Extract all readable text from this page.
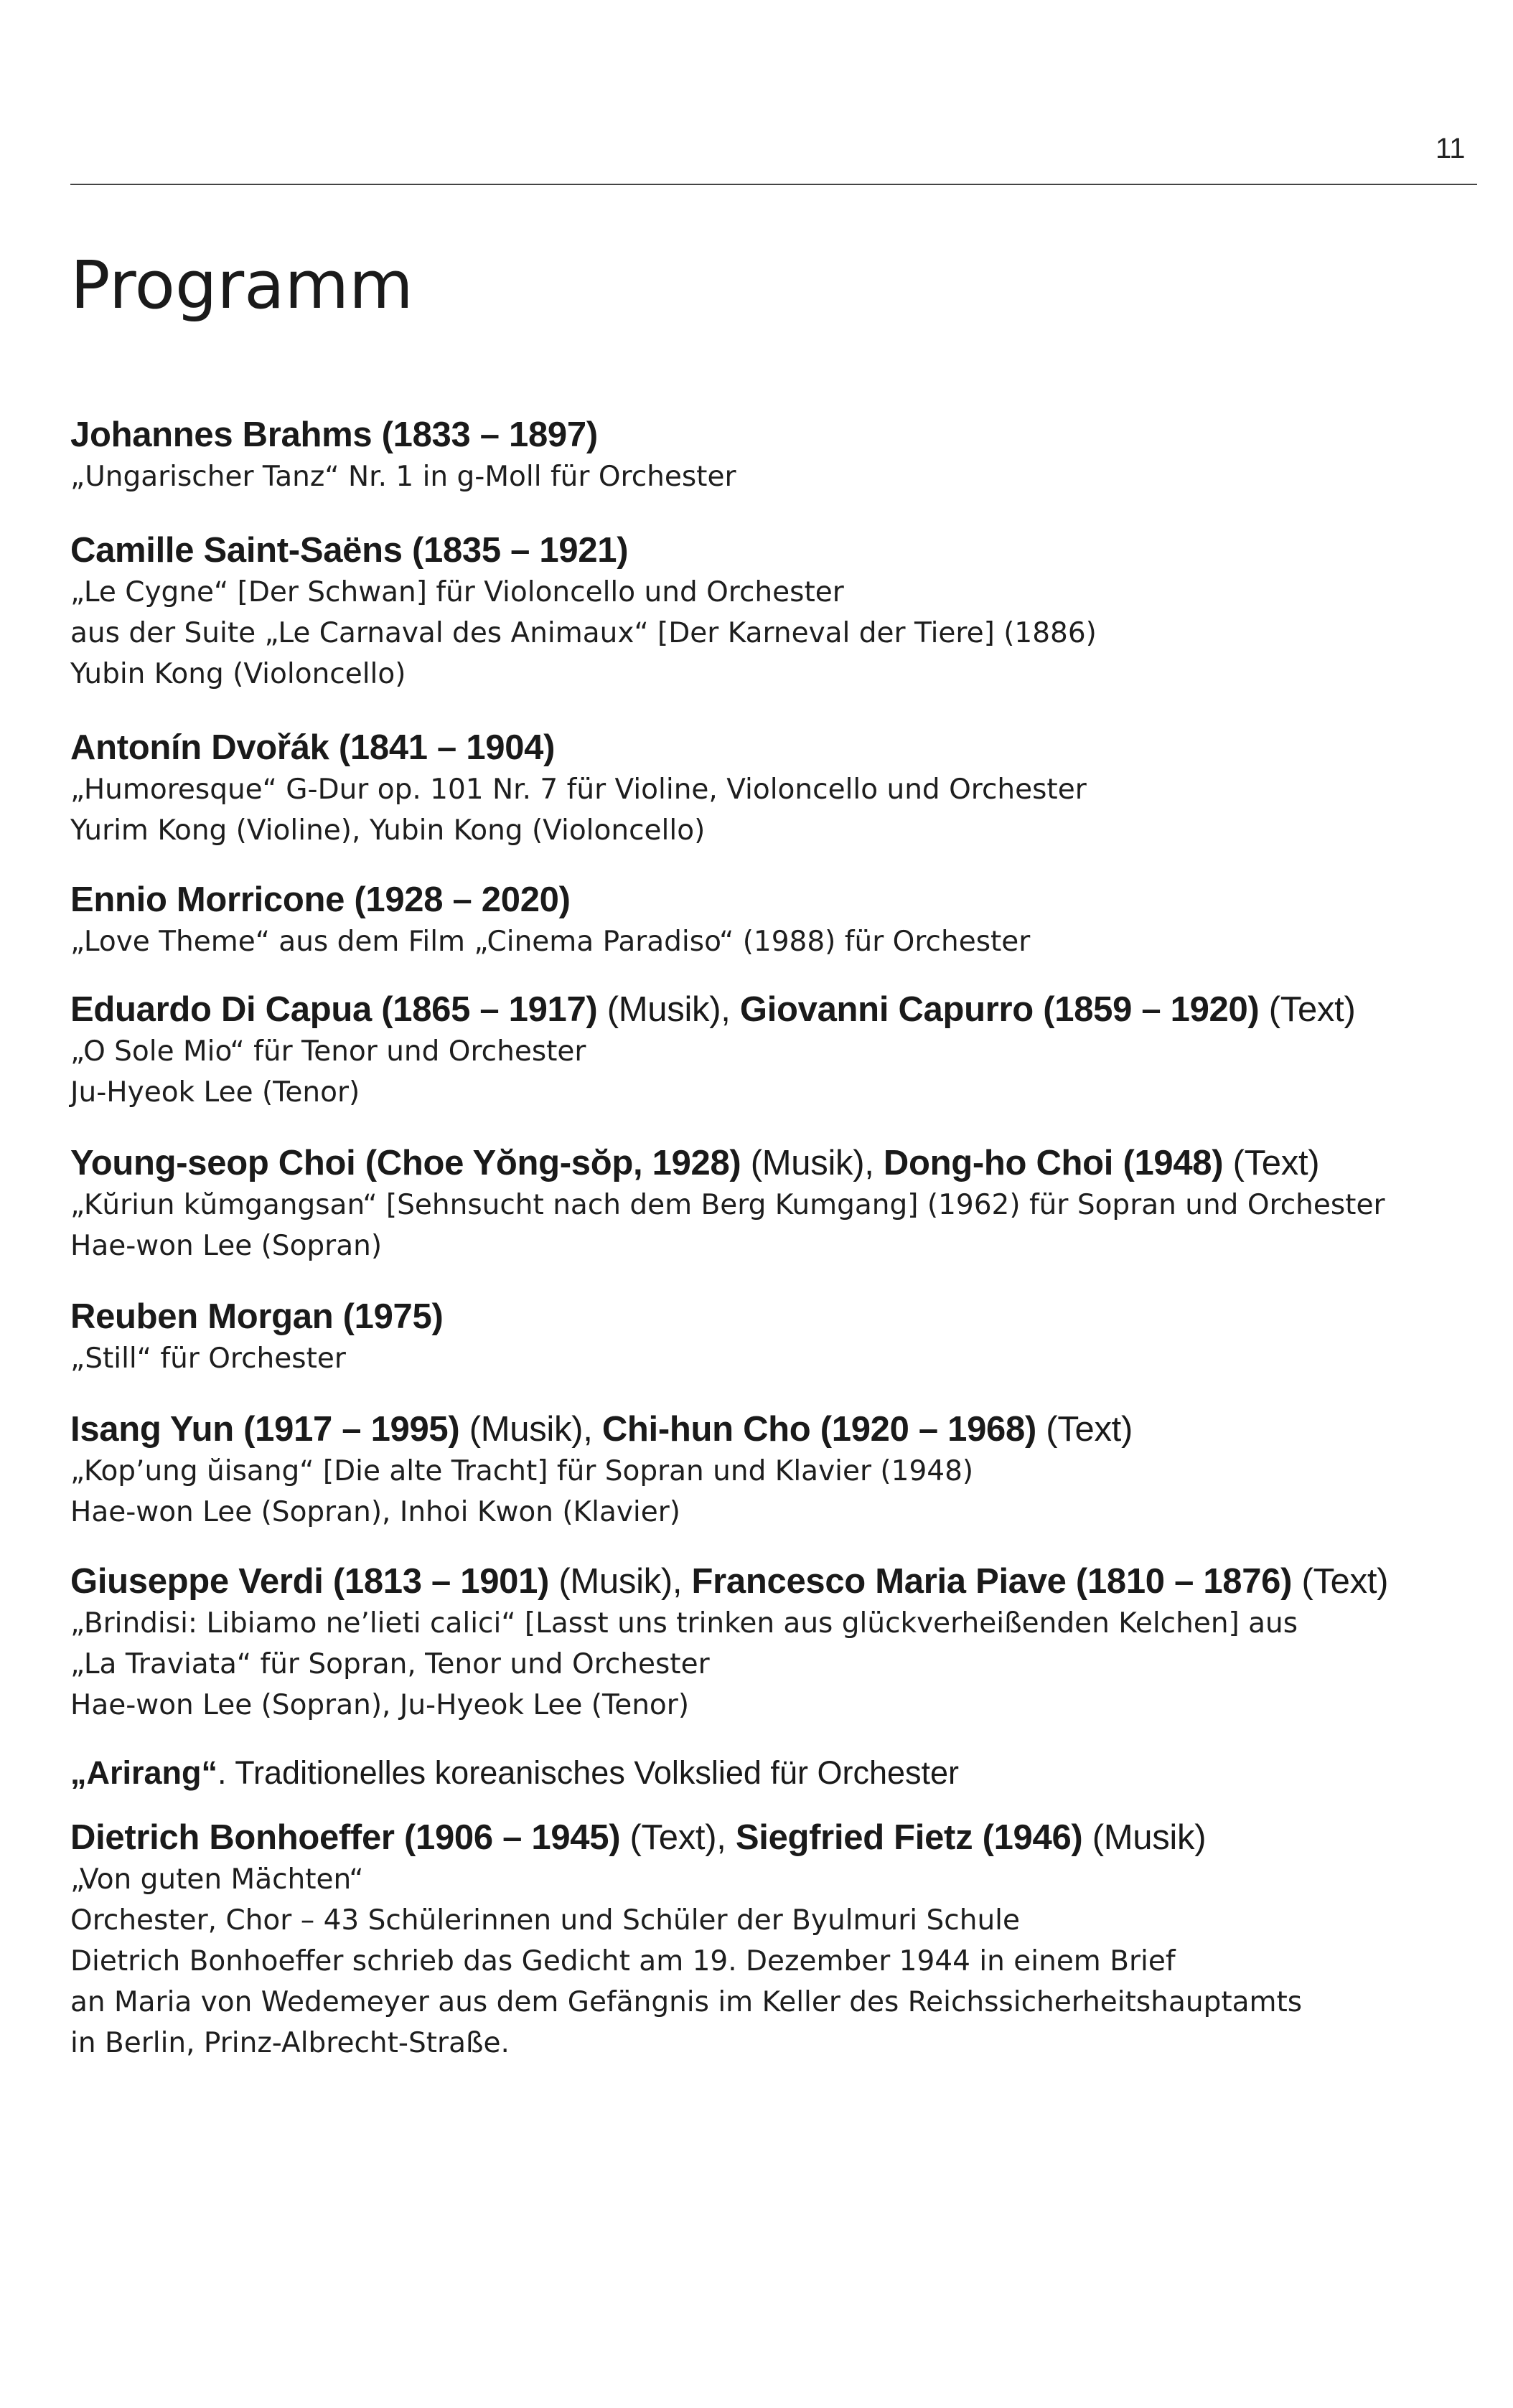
11
Programm
Johannes Brahms (1833 – 1897)
„Ungarischer Tanz“ Nr. 1 in g-Moll für Orchester
Camille Saint-Saëns (1835 – 1921)
„Le Cygne“ [Der Schwan] für Violoncello und Orchester
aus der Suite „Le Carnaval des Animaux“ [Der Karneval der Tiere] (1886)
Yubin Kong (Violoncello)
Antonín Dvořák (1841 – 1904)
„Humoresque“ G-Dur op. 101 Nr. 7 für Violine, Violoncello und Orchester
Yurim Kong (Violine), Yubin Kong (Violoncello)
Ennio Morricone (1928 – 2020)
„Love Theme“ aus dem Film „Cinema Paradiso“ (1988) für Orchester
Eduardo Di Capua (1865 – 1917) (Musik), Giovanni Capurro (1859 – 1920) (Text)
„O Sole Mio“ für Tenor und Orchester
Ju-Hyeok Lee (Tenor)
Young-seop Choi (Choe Yŏng-sŏp, 1928) (Musik), Dong-ho Choi (1948) (Text)
„Kŭriun kŭmgangsan“ [Sehnsucht nach dem Berg Kumgang] (1962) für Sopran und Orchester
Hae-won Lee (Sopran)
Reuben Morgan (1975)
„Still“ für Orchester
Isang Yun (1917 – 1995) (Musik), Chi-hun Cho (1920 – 1968) (Text)
„Kop’ung ŭisang“ [Die alte Tracht] für Sopran und Klavier (1948)
Hae-won Lee (Sopran), Inhoi Kwon (Klavier)
Giuseppe Verdi (1813 – 1901) (Musik), Francesco Maria Piave (1810 – 1876) (Text)
„Brindisi: Libiamo ne’lieti calici“ [Lasst uns trinken aus glückverheißenden Kelchen] aus
„La Traviata“ für Sopran, Tenor und Orchester
Hae-won Lee (Sopran), Ju-Hyeok Lee (Tenor)
„Arirang“. Traditionelles koreanisches Volkslied für Orchester
Dietrich Bonhoeffer (1906 – 1945) (Text), Siegfried Fietz (1946) (Musik)
„Von guten Mächten“
Orchester, Chor – 43 Schülerinnen und Schüler der Byulmuri Schule
Dietrich Bonhoeffer schrieb das Gedicht am 19. Dezember 1944 in einem Brief
an Maria von Wedemeyer aus dem Gefängnis im Keller des Reichssicherheitshauptamts
in Berlin, Prinz-Albrecht-Straße.
